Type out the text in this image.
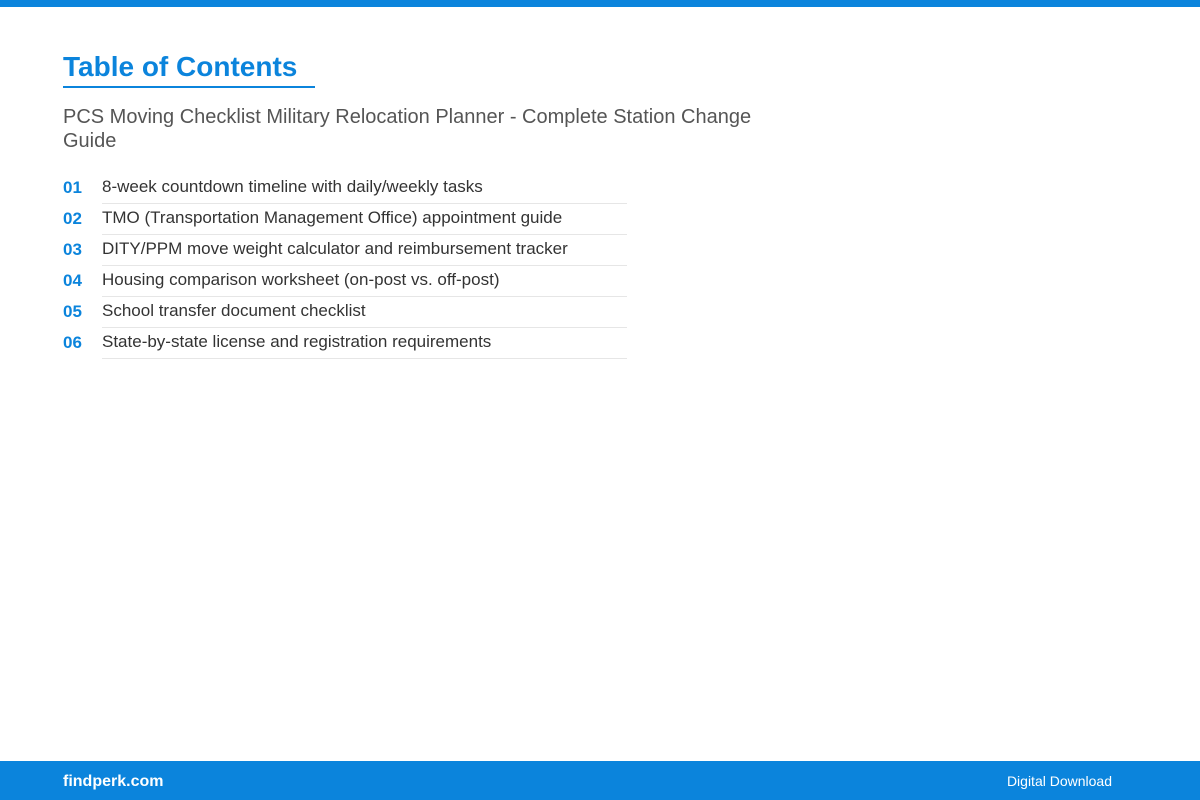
Table of Contents

PCS Moving Checklist Military Relocation Planner - Complete Station Change Guide

01	8-week countdown timeline with daily/weekly tasks
02	TMO (Transportation Management Office) appointment guide
03	DITY/PPM move weight calculator and reimbursement tracker
04	Housing comparison worksheet (on-post vs. off-post)
05	School transfer document checklist
06	State-by-state license and registration requirements
findperk.com	Digital Download
